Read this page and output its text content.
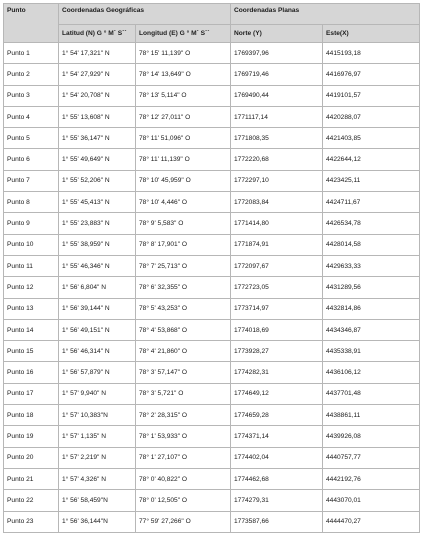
Punto	Coordenadas Geográficas		Coordenadas Planas	
	Latitud (N) G ° M´ S´´	Longitud (E) G ° M´ S´´	Norte (Y)	Este(X)
Punto 1	1° 54' 17,321" N	78° 15' 11,139" O	1769397,96	4415193,18
Punto 2	1° 54' 27,929" N	78° 14' 13,649" O	1769719,46	4416976,97
Punto 3	1° 54' 20,708" N	78° 13' 5,114" O	1769490,44	4419101,57
Punto 4	1° 55' 13,608" N	78° 12' 27,011" O	1771117,14	4420288,07
Punto 5	1° 55' 36,147" N	78° 11' 51,096" O	1771808,35	4421403,85
Punto 6	1° 55' 49,649" N	78° 11' 11,139" O	1772220,68	4422644,12
Punto 7	1° 55' 52,206" N	78° 10' 45,959" O	1772297,10	4423425,11
Punto 8	1° 55' 45,413" N	78° 10' 4,446" O	1772083,84	4424711,67
Punto 9	1° 55' 23,883" N	78° 9' 5,583" O	1771414,80	4426534,78
Punto 10	1° 55' 38,959" N	78° 8' 17,901" O	1771874,91	4428014,58
Punto 11	1° 55' 46,346" N	78° 7' 25,713" O	1772097,67	4429633,33
Punto 12	1° 56' 6,804" N	78° 6' 32,355" O	1772723,05	4431289,56
Punto 13	1° 56' 39,144" N	78° 5' 43,253" O	1773714,97	4432814,86
Punto 14	1° 56' 49,151" N	78° 4' 53,868" O	1774018,69	4434346,87
Punto 15	1° 56' 46,314" N	78° 4' 21,860" O	1773928,27	4435338,91
Punto 16	1° 56' 57,879" N	78° 3' 57,147" O	1774282,31	4436106,12
Punto 17	1° 57' 9,940" N	78° 3' 5,721" O	1774649,12	4437701,48
Punto 18	1° 57' 10,383"N	78° 2' 28,315" O	1774659,28	4438861,11
Punto 19	1° 57' 1,135" N	78° 1' 53,933" O	1774371,14	4439926,08
Punto 20	1° 57' 2,219" N	78° 1' 27,107" O	1774402,04	4440757,77
Punto 21	1° 57' 4,326" N	78° 0' 40,822" O	1774462,68	4442192,76
Punto 22	1° 56' 58,459"N	78° 0' 12,505" O	1774279,31	4443070,01
Punto 23	1° 56' 36,144"N	77° 59' 27,266" O	1773587,66	4444470,27
